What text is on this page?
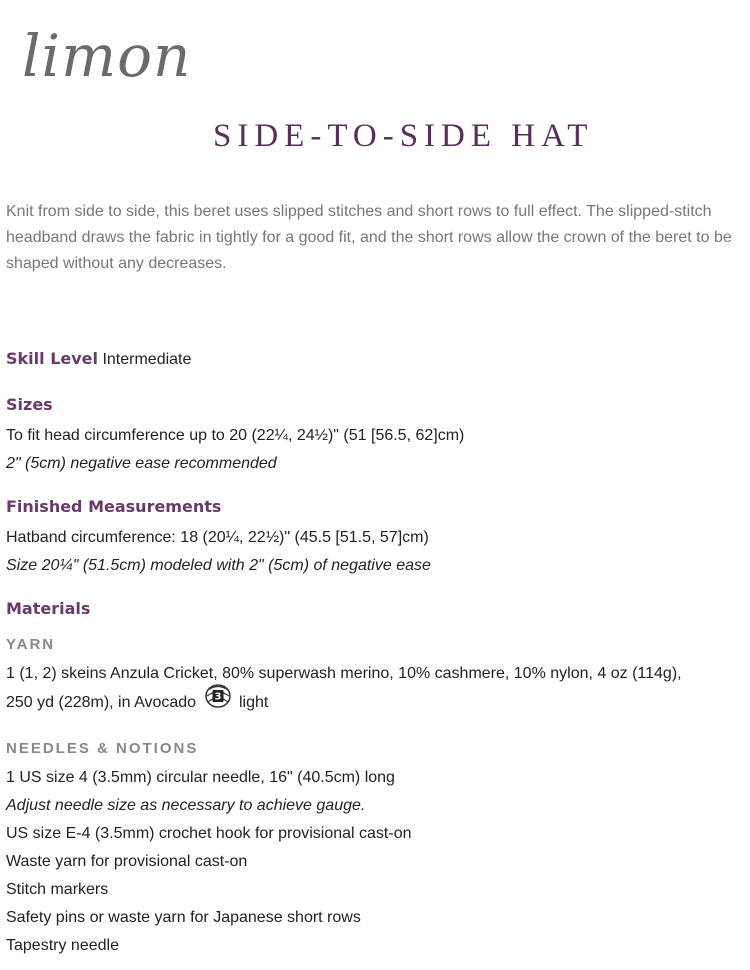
limon
SIDE-TO-SIDE HAT

Knit from side to side, this beret uses slipped stitches and short rows to full effect. The slipped-stitch headband draws the fabric in tightly for a good fit, and the short rows allow the crown of the beret to be shaped without any decreases.

Skill Level Intermediate

Sizes

To fit head circumference up to 20 (22¼, 24½)" (51 [56.5, 62]cm)

2" (5cm) negative ease recommended

Finished Measurements

Hatband circumference: 18 (20¼, 22½)" (45.5 [51.5, 57]cm)

Size 20¼" (51.5cm) modeled with 2" (5cm) of negative ease

Materials

YARN

1 (1, 2) skeins Anzula Cricket, 80% superwash merino, 10% cashmere, 10% nylon, 4 oz (114g),

250 yd (228m), in Avocado 3 light

NEEDLES & NOTIONS

1 US size 4 (3.5mm) circular needle, 16" (40.5cm) long

Adjust needle size as necessary to achieve gauge.

US size E-4 (3.5mm) crochet hook for provisional cast-on

Waste yarn for provisional cast-on

Stitch markers

Safety pins or waste yarn for Japanese short rows

Tapestry needle
